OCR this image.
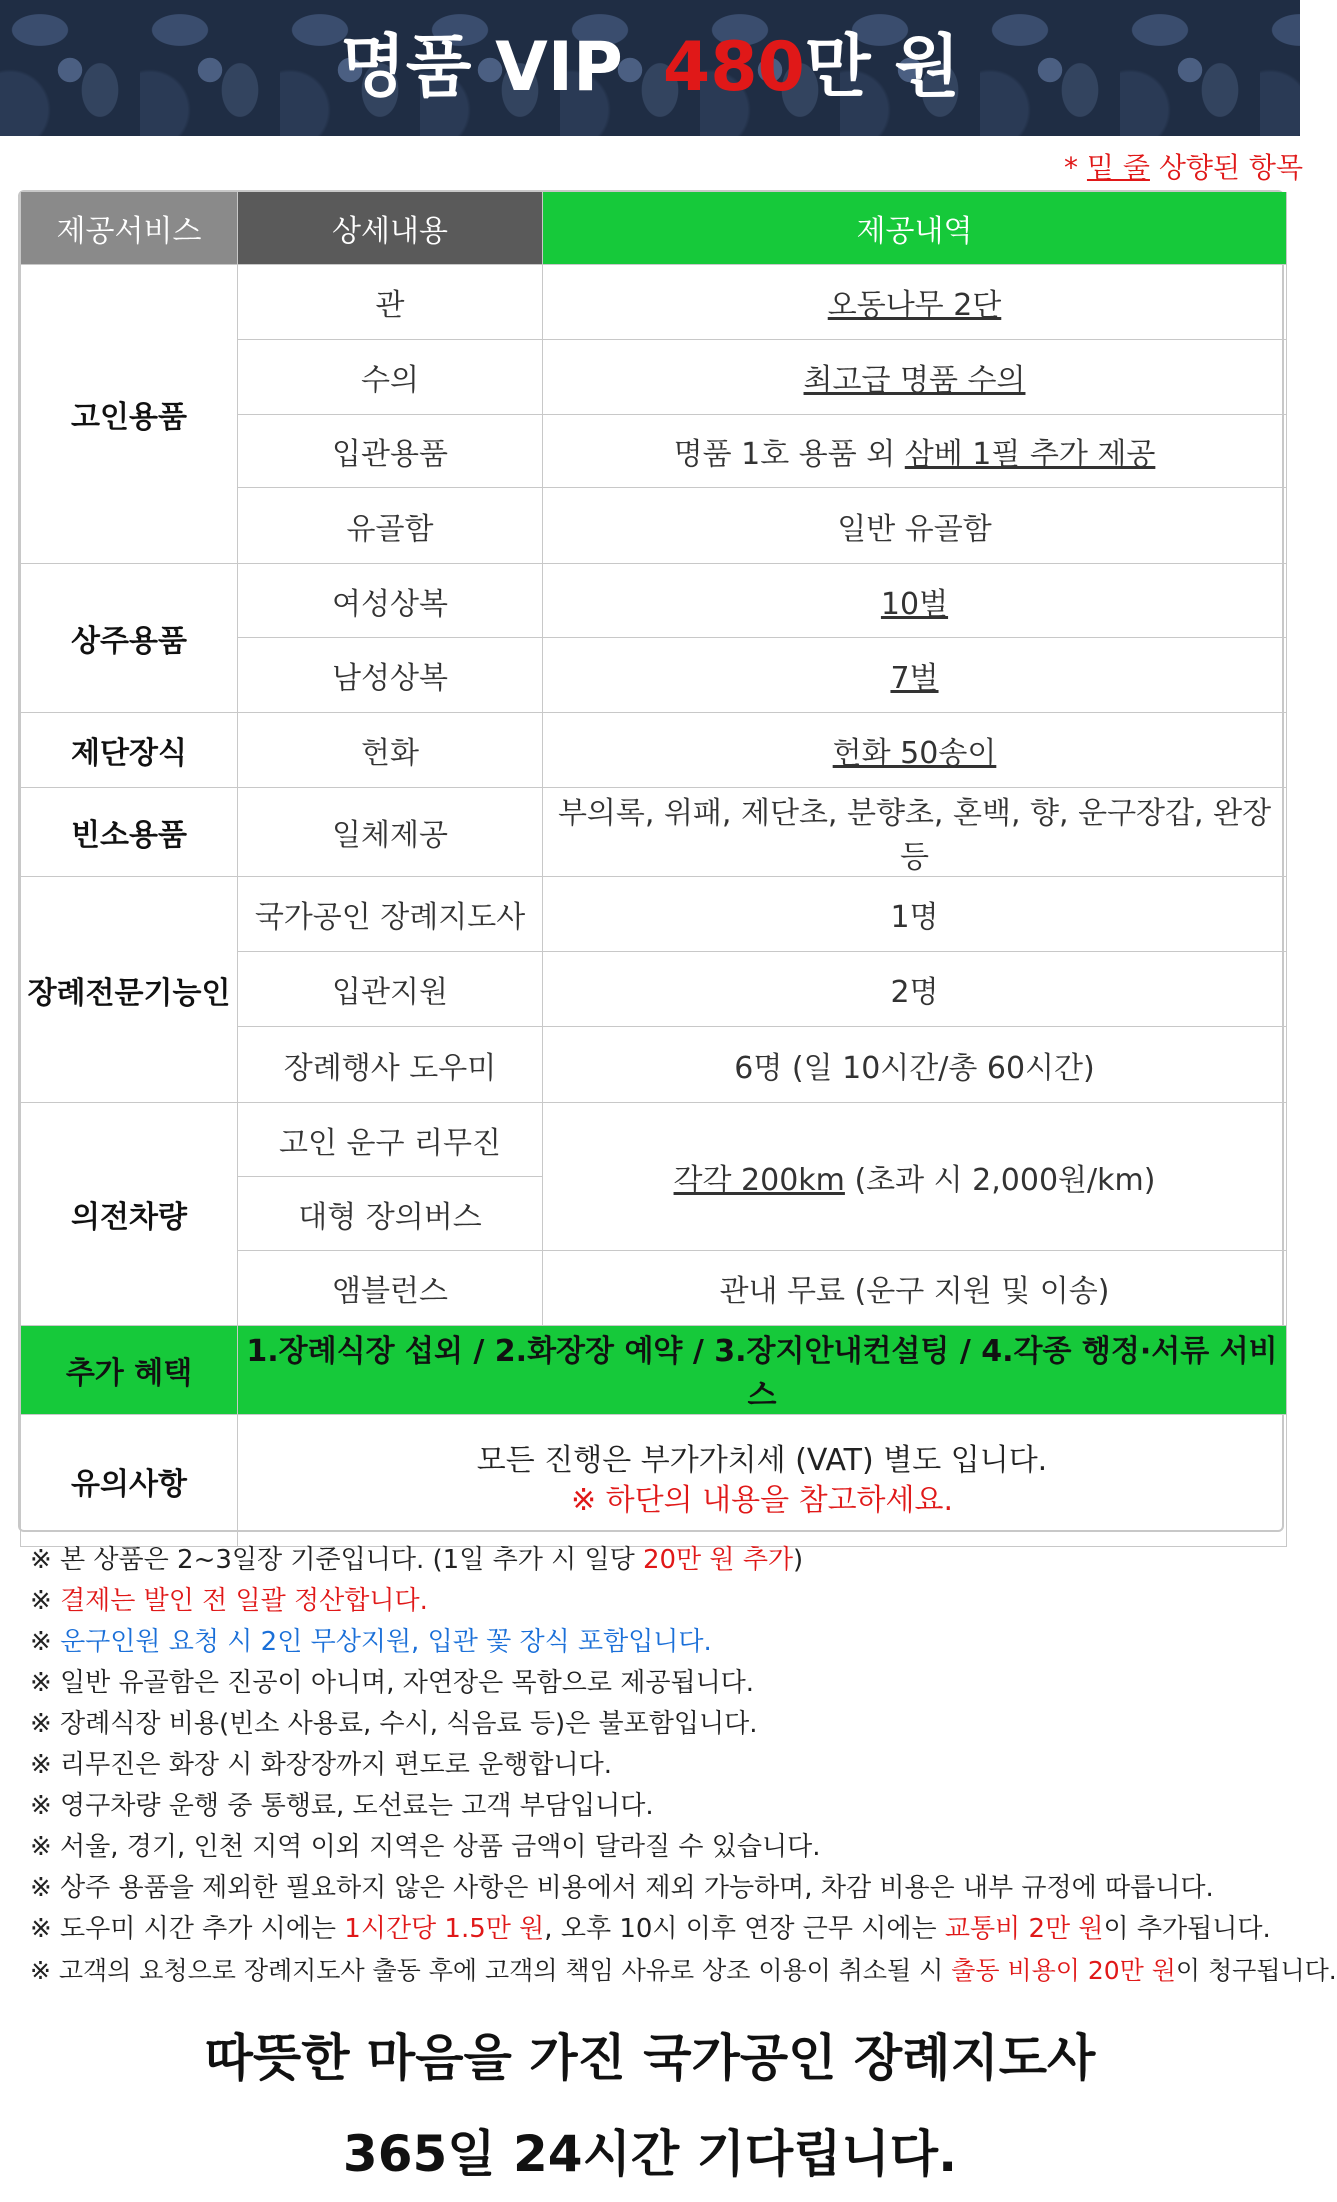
명품 VIP 480만 원
* 밑 줄 상향된 항목
제공서비스	상세내용	제공내역
고인용품	관	오동나무 2단
	수의	최고급 명품 수의
	입관용품	명품 1호 용품 외 삼베 1필 추가 제공
	유골함	일반 유골함
상주용품	여성상복	10벌
	남성상복	7벌
제단장식	헌화	헌화 50송이
빈소용품	일체제공	부의록, 위패, 제단초, 분향초, 혼백, 향, 운구장갑, 완장 등
장례전문기능인	국가공인 장례지도사	1명
	입관지원	2명
	장례행사 도우미	6명 (일 10시간/총 60시간)
의전차량	고인 운구 리무진	각각 200km (초과 시 2,000원/km)
	대형 장의버스	
	앰블런스	관내 무료 (운구 지원 및 이송)
추가 혜택	1.장례식장 섭외 / 2.화장장 예약 / 3.장지안내컨설팅 / 4.각종 행정·서류 서비스	
유의사항	모든 진행은 부가가치세 (VAT) 별도 입니다.
※ 하단의 내용을 참고하세요.	
※ 본 상품은 2~3일장 기준입니다. (1일 추가 시 일당 20만 원 추가)
※ 결제는 발인 전 일괄 정산합니다.
※ 운구인원 요청 시 2인 무상지원, 입관 꽃 장식 포함입니다.
※ 일반 유골함은 진공이 아니며, 자연장은 목함으로 제공됩니다.
※ 장례식장 비용(빈소 사용료, 수시, 식음료 등)은 불포함입니다.
※ 리무진은 화장 시 화장장까지 편도로 운행합니다.
※ 영구차량 운행 중 통행료, 도선료는 고객 부담입니다.
※ 서울, 경기, 인천 지역 이외 지역은 상품 금액이 달라질 수 있습니다.
※ 상주 용품을 제외한 필요하지 않은 사항은 비용에서 제외 가능하며, 차감 비용은 내부 규정에 따릅니다.
※ 도우미 시간 추가 시에는 1시간당 1.5만 원, 오후 10시 이후 연장 근무 시에는 교통비 2만 원이 추가됩니다.
※ 고객의 요청으로 장례지도사 출동 후에 고객의 책임 사유로 상조 이용이 취소될 시 출동 비용이 20만 원이 청구됩니다.
따뜻한 마음을 가진 국가공인 장례지도사
365일 24시간 기다립니다.
